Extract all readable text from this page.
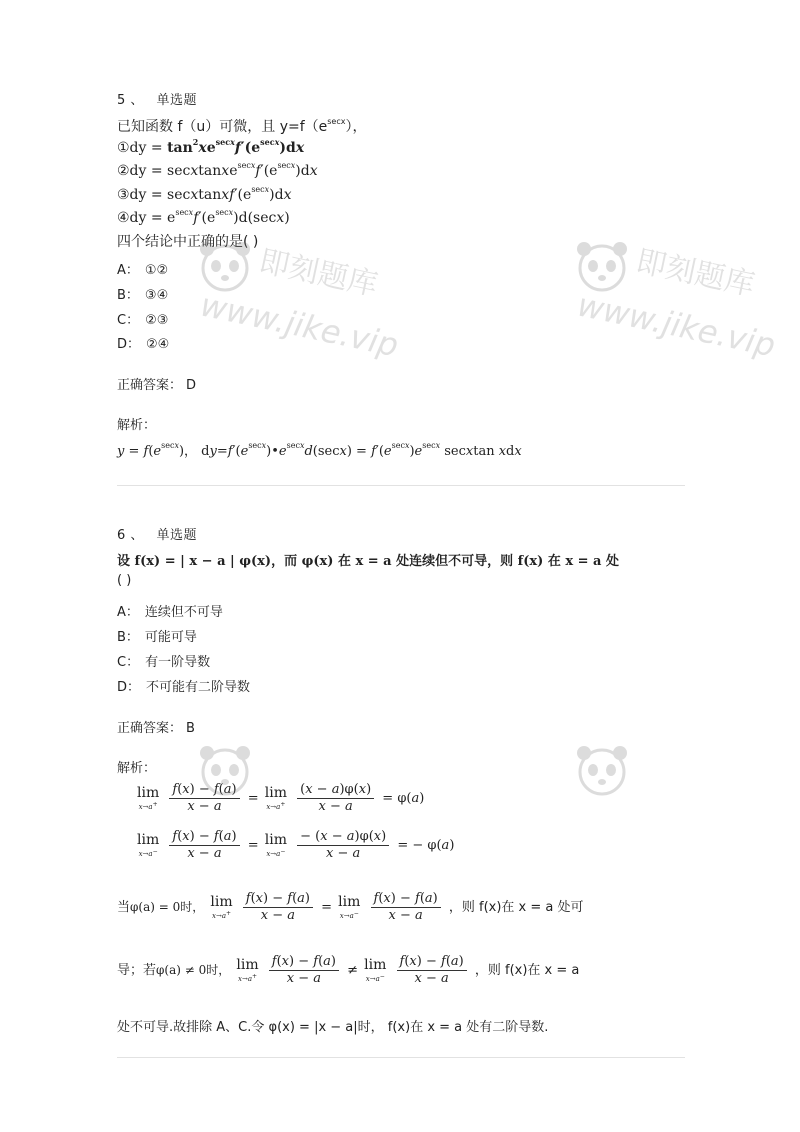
5 、 单选题
已知函数 f（u）可微，且 $y=f(e^{secx})$，
①dy = $\tan^2xe^{secx}f'(e^{secx})dx$
②dy = $secxtanxe^{secx}f'(e^{secx})dx$
③dy = $secxtanxf'(e^{secx})dx$
④dy = $e^{secx}f'(e^{secx})d(\sec x)$
四个结论中正确的是( )
A： ①②
B： ③④
C： ②③
D： ②④
正确答案： D
解析：
$y = f(e^{secx})$， $dy=f'(e^{secx})•e^{secx}d(\sec x) = f'(e^{secx})e^{secx}$ secxtan xdx
6 、 单选题
设 f(x) = | x − a | φ(x)，而 φ(x) 在 x = a 处连续但不可导，则 f(x) 在 x = a 处
( )
A： 连续但不可导
B： 可能可导
C： 有一阶导数
D： 不可能有二阶导数
正确答案： B
解析：
lim
x→a+
$\frac{f(x) - f(a)}{x - a} = \lim$
x→a+
$\frac{(x - a)\varphi(x)}{x - a} = \varphi(a)$
lim
x→a−
$\frac{f(x) - f(a)}{x - a} = \lim$
x→a−
$\frac{- (x - a)\varphi(x)}{x - a}$ = − φ(a)
当φ(a) = 0时， lim
x→a+
$\frac{f(x) - f(a)}{x - a} = \lim$
x→a−
$\frac{f(x) - f(a)}{x - a}$ ，则 f(x)在 x = a 处可
导；若φ(a) ≠ 0时， lim
x→a+
$\frac{f(x) - f(a)}{x - a} \ne \lim$
x→a−
$\frac{f(x) - f(a)}{x - a}$ ，则 f(x)在 x = a
处不可导.故排除 A、C.令 φ(x) = |x − a|时， f(x)在 x = a 处有二阶导数.
即刻题库
www.jike.vip
即刻题库
www.jike.vip
